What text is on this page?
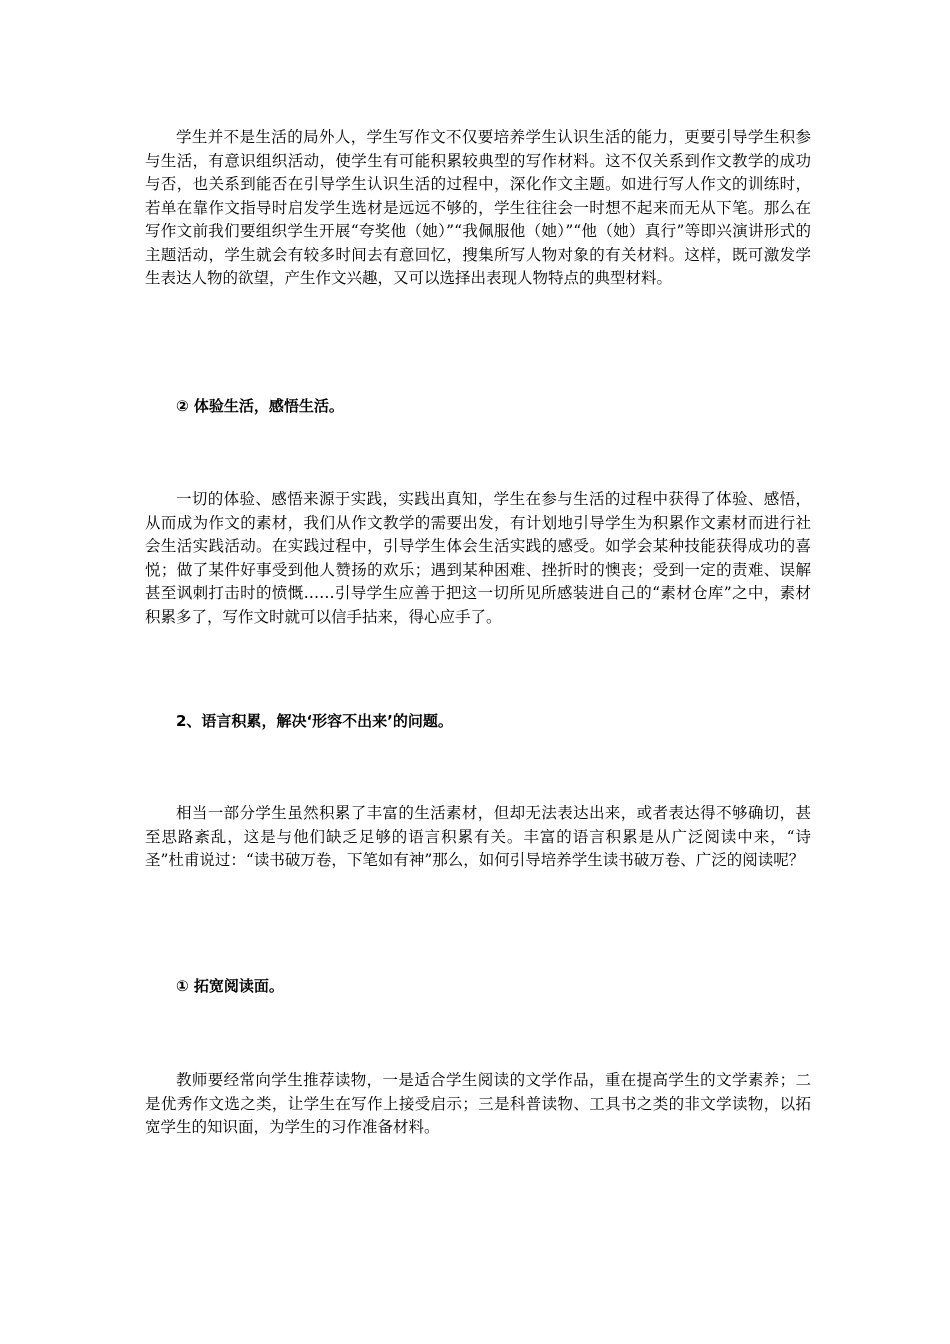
学生并不是生活的局外人，学生写作文不仅要培养学生认识生活的能力，更要引导学生积参与生活，有意识组织活动，使学生有可能积累较典型的写作材料。这不仅关系到作文教学的成功与否，也关系到能否在引导学生认识生活的过程中，深化作文主题。如进行写人作文的训练时，若单在靠作文指导时启发学生选材是远远不够的，学生往往会一时想不起来而无从下笔。那么在写作文前我们要组织学生开展“夸奖他（她）”“我佩服他（她）”“他（她）真行”等即兴演讲形式的主题活动，学生就会有较多时间去有意回忆，搜集所写人物对象的有关材料。这样，既可激发学生表达人物的欲望，产生作文兴趣，又可以选择出表现人物特点的典型材料。

② 体验生活，感悟生活。

一切的体验、感悟来源于实践，实践出真知，学生在参与生活的过程中获得了体验、感悟，从而成为作文的素材，我们从作文教学的需要出发，有计划地引导学生为积累作文素材而进行社会生活实践活动。在实践过程中，引导学生体会生活实践的感受。如学会某种技能获得成功的喜悦；做了某件好事受到他人赞扬的欢乐；遇到某种困难、挫折时的懊丧；受到一定的责难、误解甚至讽刺打击时的愤慨……引导学生应善于把这一切所见所感装进自己的“素材仓库”之中，素材积累多了，写作文时就可以信手拈来，得心应手了。

2、语言积累，解决‘形容不出来’的问题。

相当一部分学生虽然积累了丰富的生活素材，但却无法表达出来，或者表达得不够确切，甚至思路紊乱，这是与他们缺乏足够的语言积累有关。丰富的语言积累是从广泛阅读中来，“诗圣”杜甫说过：“读书破万卷，下笔如有神”那么，如何引导培养学生读书破万卷、广泛的阅读呢？

① 拓宽阅读面。

教师要经常向学生推荐读物，一是适合学生阅读的文学作品，重在提高学生的文学素养；二是优秀作文选之类，让学生在写作上接受启示；三是科普读物、工具书之类的非文学读物，以拓宽学生的知识面，为学生的习作准备材料。
